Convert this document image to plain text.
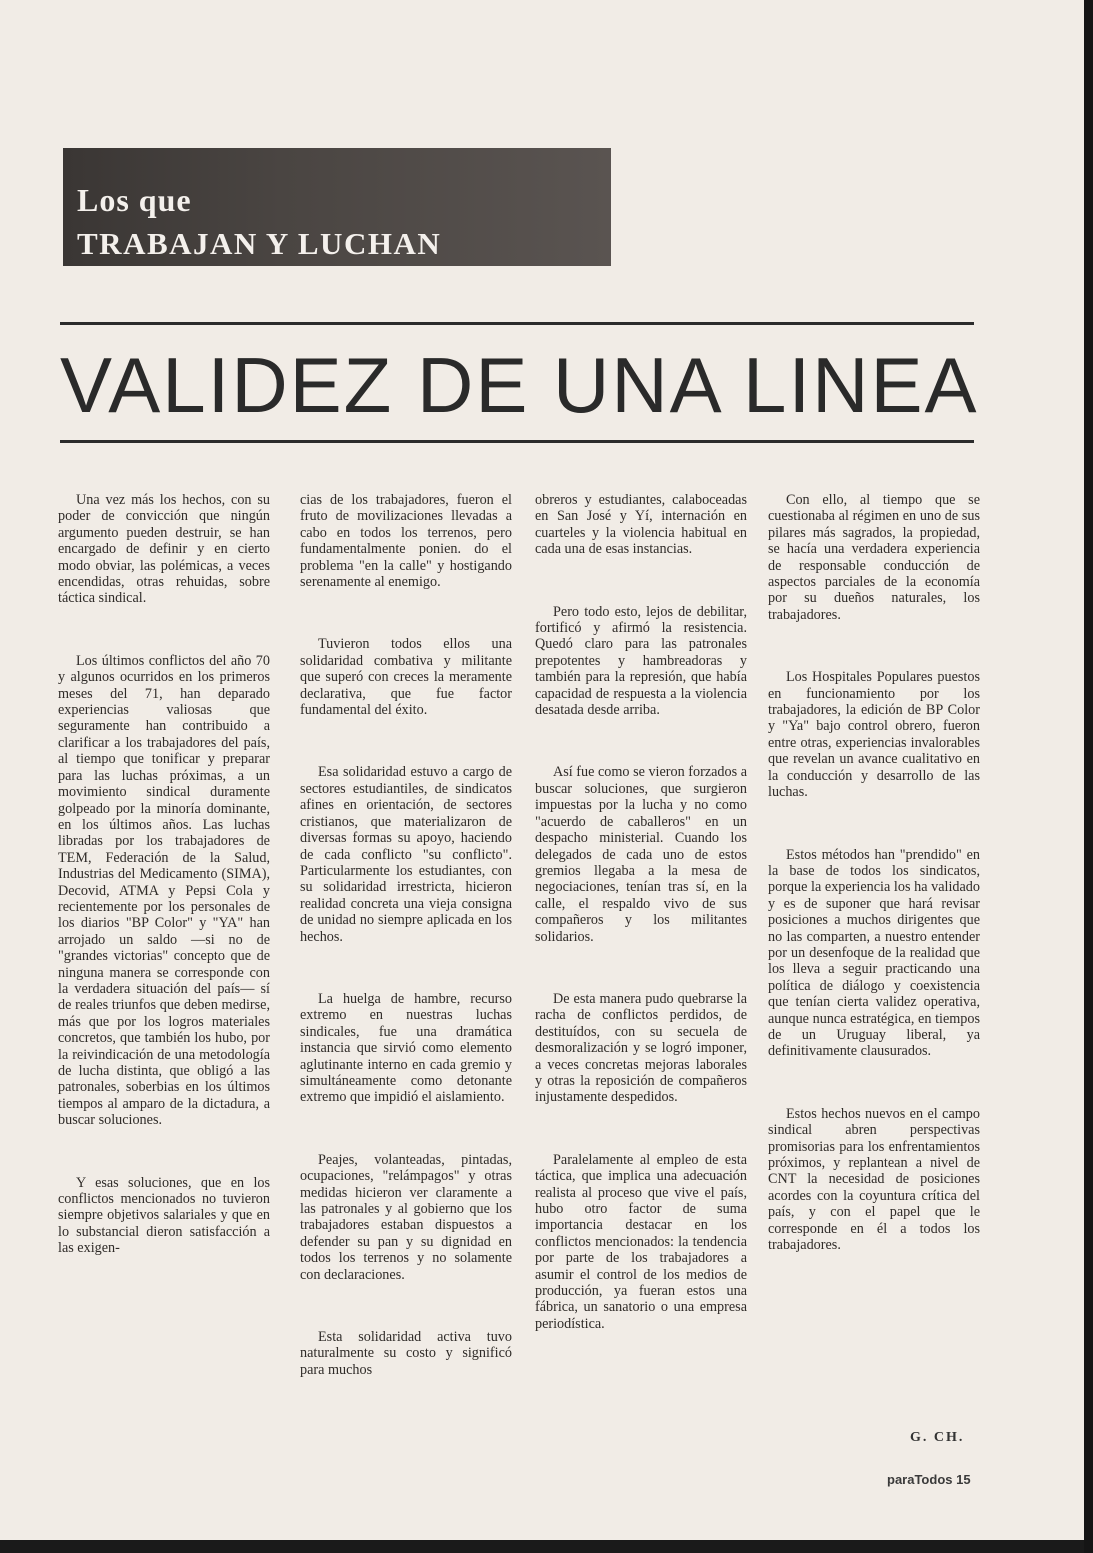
Los que
TRABAJAN Y LUCHAN
VALIDEZ DE UNA LINEA

Una vez más los hechos, con su poder de convicción que ningún argumento pueden destruir, se han encargado de definir y en cierto modo obviar, las polémicas, a veces encendidas, otras rehuidas, sobre táctica sindical.

Los últimos conflictos del año 70 y algunos ocurridos en los primeros meses del 71, han deparado experiencias valiosas que seguramente han contribuido a clarificar a los trabajadores del país, al tiempo que tonificar y preparar para las luchas próximas, a un movimiento sindical duramente golpeado por la minoría dominante, en los últimos años. Las luchas libradas por los trabajadores de TEM, Federación de la Salud, Industrias del Medicamento (SIMA), Decovid, ATMA y Pepsi Cola y recientemente por los personales de los diarios "BP Color" y "YA" han arrojado un saldo —si no de "grandes victorias" concepto que de ninguna manera se corresponde con la verdadera situación del país— sí de reales triunfos que deben medirse, más que por los logros materiales concretos, que también los hubo, por la reivindicación de una metodología de lucha distinta, que obligó a las patronales, soberbias en los últimos tiempos al amparo de la dictadura, a buscar soluciones.

Y esas soluciones, que en los conflictos mencionados no tuvieron siempre objetivos salariales y que en lo substancial dieron satisfacción a las exigen-

cias de los trabajadores, fueron el fruto de movilizaciones llevadas a cabo en todos los terrenos, pero fundamentalmente ponien. do el problema "en la calle" y hostigando serenamente al enemigo.

Tuvieron todos ellos una solidaridad combativa y militante que superó con creces la meramente declarativa, que fue factor fundamental del éxito.

Esa solidaridad estuvo a cargo de sectores estudiantiles, de sindicatos afines en orientación, de sectores cristianos, que materializaron de diversas formas su apoyo, haciendo de cada conflicto "su conflicto". Particularmente los estudiantes, con su solidaridad irrestricta, hicieron realidad concreta una vieja consigna de unidad no siempre aplicada en los hechos.

La huelga de hambre, recurso extremo en nuestras luchas sindicales, fue una dramática instancia que sirvió como elemento aglutinante interno en cada gremio y simultáneamente como detonante extremo que impidió el aislamiento.

Peajes, volanteadas, pintadas, ocupaciones, "relámpagos" y otras medidas hicieron ver claramente a las patronales y al gobierno que los trabajadores estaban dispuestos a defender su pan y su dignidad en todos los terrenos y no solamente con declaraciones.

Esta solidaridad activa tuvo naturalmente su costo y significó para muchos

obreros y estudiantes, calaboceadas en San José y Yí, internación en cuarteles y la violencia habitual en cada una de esas instancias.

Pero todo esto, lejos de debilitar, fortificó y afirmó la resistencia. Quedó claro para las patronales prepotentes y hambreadoras y también para la represión, que había capacidad de respuesta a la violencia desatada desde arriba.

Así fue como se vieron forzados a buscar soluciones, que surgieron impuestas por la lucha y no como "acuerdo de caballeros" en un despacho ministerial. Cuando los delegados de cada uno de estos gremios llegaba a la mesa de negociaciones, tenían tras sí, en la calle, el respaldo vivo de sus compañeros y los militantes solidarios.

De esta manera pudo quebrarse la racha de conflictos perdidos, de destituídos, con su secuela de desmoralización y se logró imponer, a veces concretas mejoras laborales y otras la reposición de compañeros injustamente despedidos.

Paralelamente al empleo de esta táctica, que implica una adecuación realista al proceso que vive el país, hubo otro factor de suma importancia destacar en los conflictos mencionados: la tendencia por parte de los trabajadores a asumir el control de los medios de producción, ya fueran estos una fábrica, un sanatorio o una empresa periodística.

Con ello, al tiempo que se cuestionaba al régimen en uno de sus pilares más sagrados, la propiedad, se hacía una verdadera experiencia de responsable conducción de aspectos parciales de la economía por su dueños naturales, los trabajadores.

Los Hospitales Populares puestos en funcionamiento por los trabajadores, la edición de BP Color y "Ya" bajo control obrero, fueron entre otras, experiencias invalorables que revelan un avance cualitativo en la conducción y desarrollo de las luchas.

Estos métodos han "prendido" en la base de todos los sindicatos, porque la experiencia los ha validado y es de suponer que hará revisar posiciones a muchos dirigentes que no las comparten, a nuestro entender por un desenfoque de la realidad que los lleva a seguir practicando una política de diálogo y coexistencia que tenían cierta validez operativa, aunque nunca estratégica, en tiempos de un Uruguay liberal, ya definitivamente clausurados.

Estos hechos nuevos en el campo sindical abren perspectivas promisorias para los enfrentamientos próximos, y replantean a nivel de CNT la necesidad de posiciones acordes con la coyuntura crítica del país, y con el papel que le corresponde en él a todos los trabajadores.

G. CH.
paraTodos 15
